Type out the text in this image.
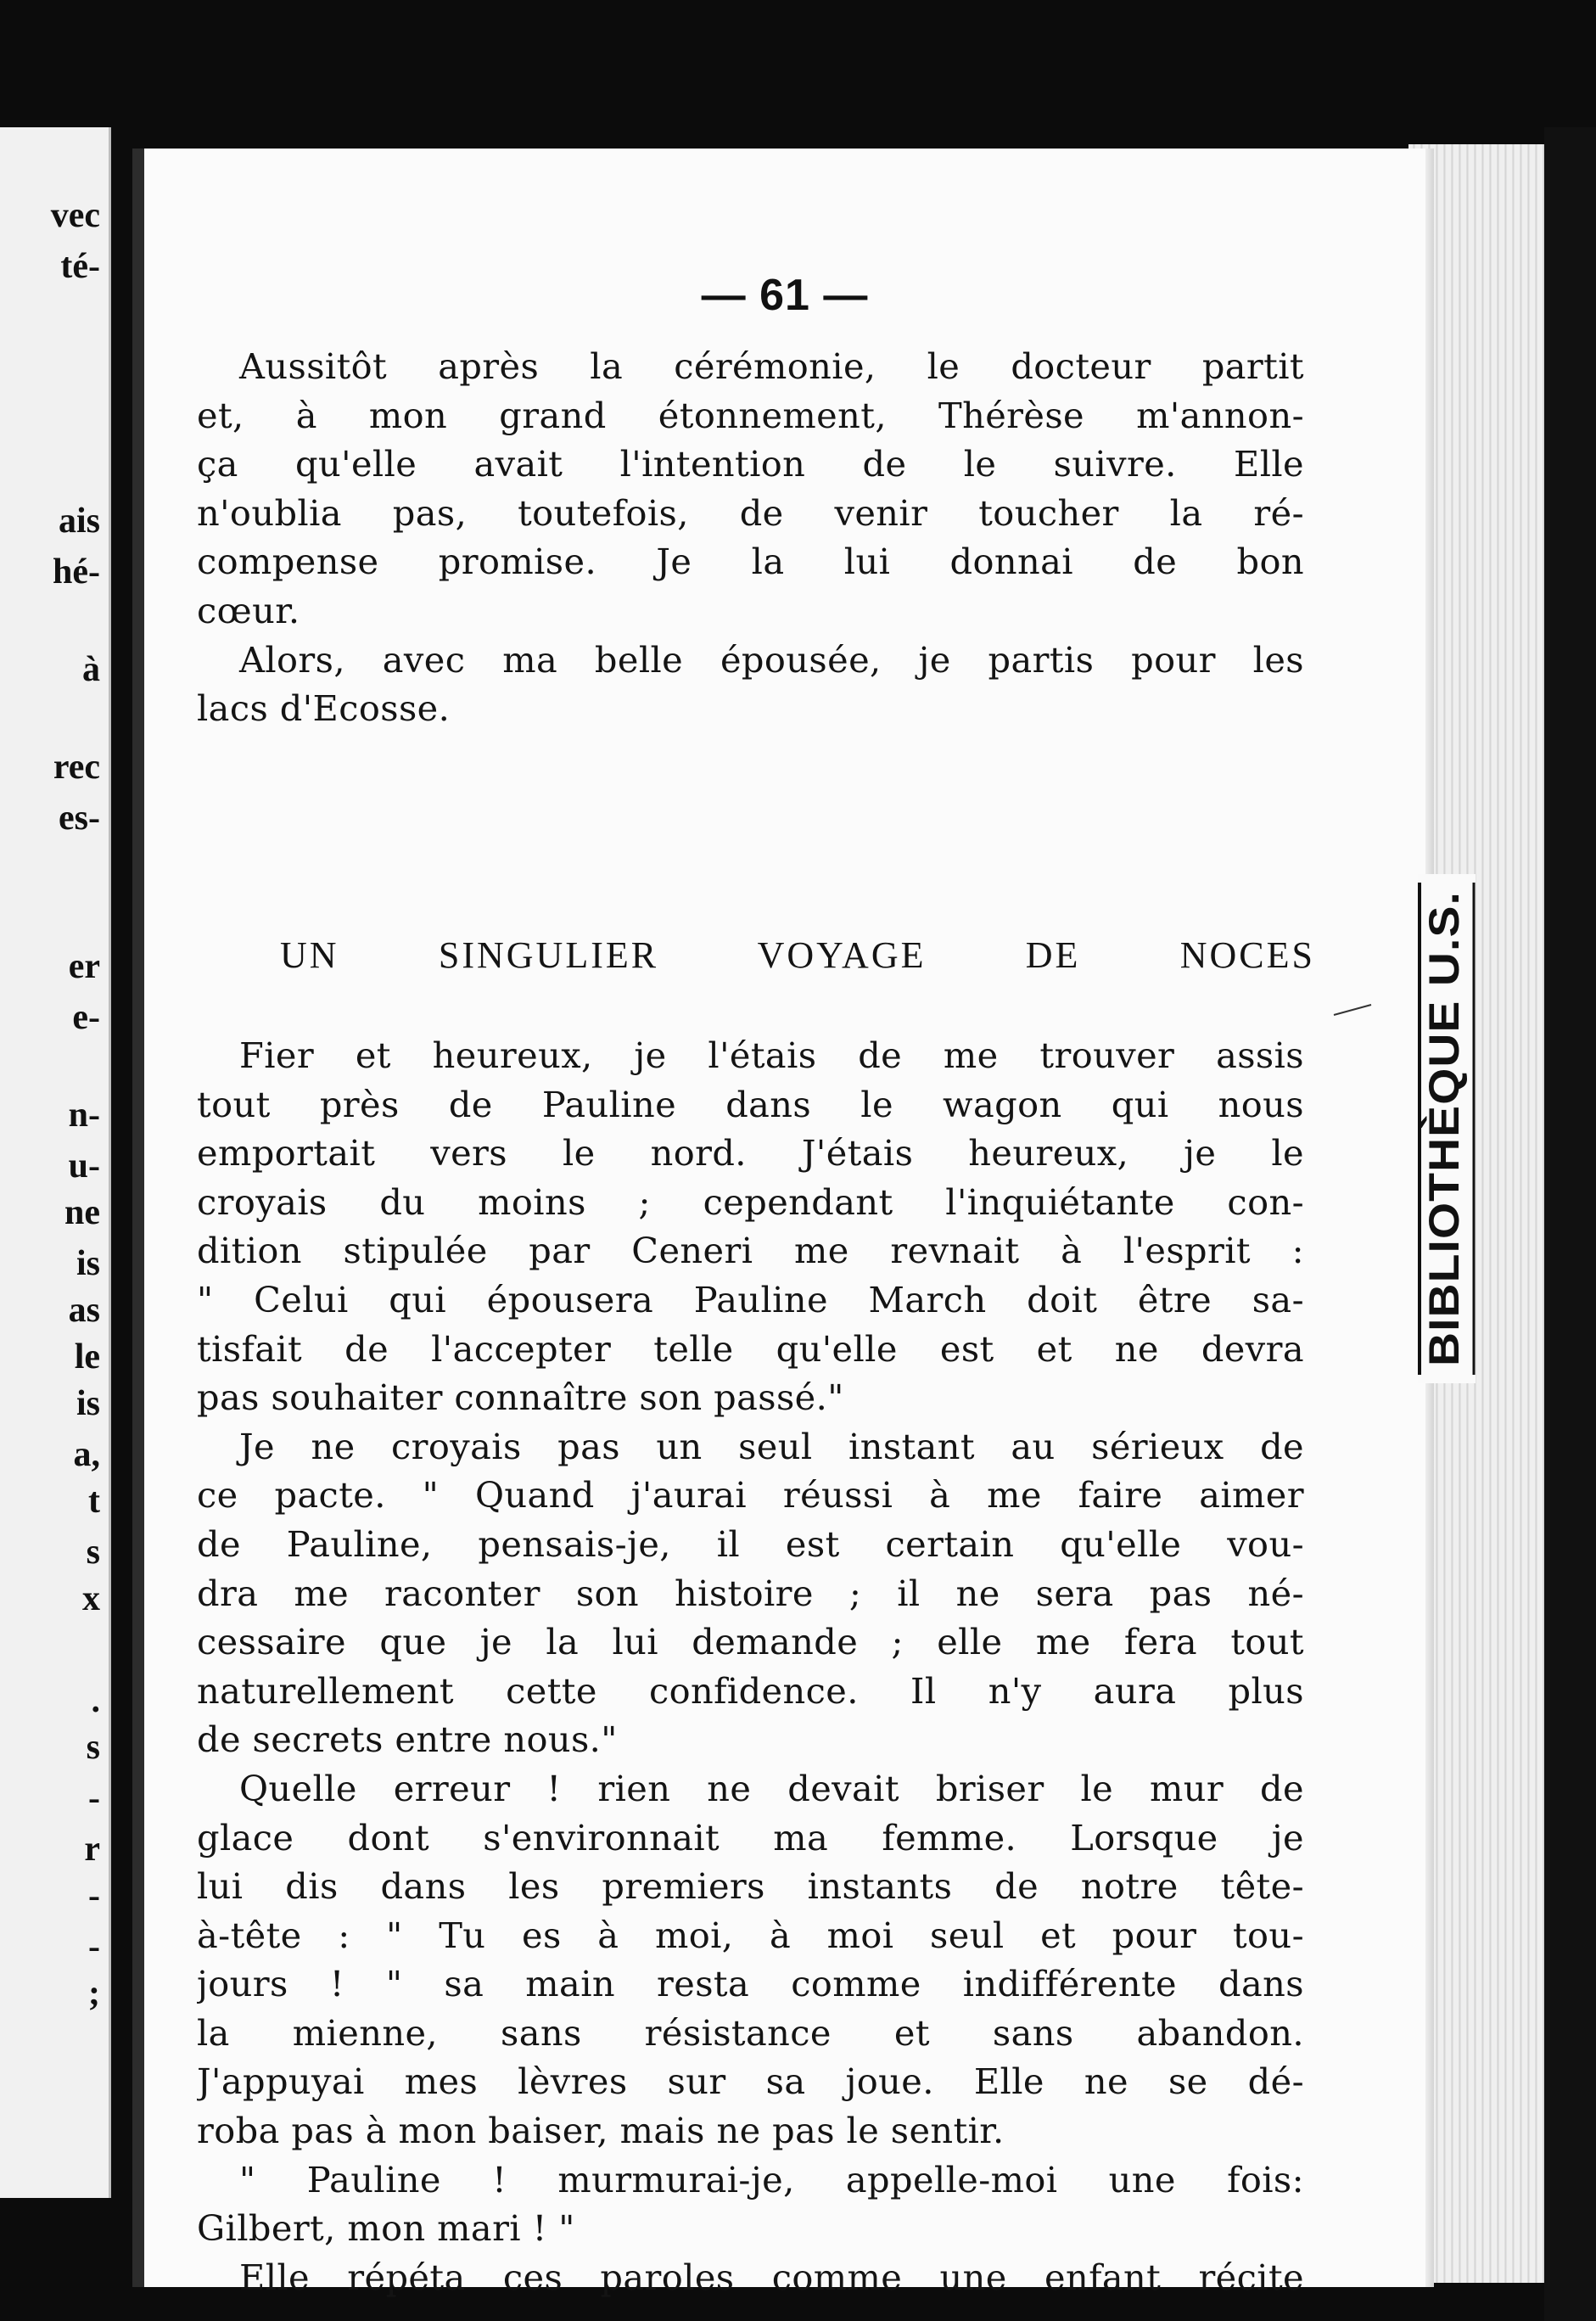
vec
té-
ais
hé-
à
rec
es-
er
e-
n-
u-
ne
is
as
le
is
a,
t
s
x
.
s
-
r
-
-
;
— 61 —
Aussitôt après la cérémonie, le docteur partit
et, à mon grand étonnement, Thérèse m'annon-
ça qu'elle avait l'intention de le suivre. Elle
n'oublia pas, toutefois, de venir toucher la ré-
compense promise. Je la lui donnai de bon
cœur.
Alors, avec ma belle épousée, je partis pour les
lacs d'Ecosse.
UN SINGULIER VOYAGE DE NOCES
Fier et heureux, je l'étais de me trouver assis
tout près de Pauline dans le wagon qui nous
emportait vers le nord. J'étais heureux, je le
croyais du moins ; cependant l'inquiétante con-
dition stipulée par Ceneri me revnait à l'esprit :
" Celui qui épousera Pauline March doit être sa-
tisfait de l'accepter telle qu'elle est et ne devra
pas souhaiter connaître son passé."
Je ne croyais pas un seul instant au sérieux de
ce pacte. " Quand j'aurai réussi à me faire aimer
de Pauline, pensais-je, il est certain qu'elle vou-
dra me raconter son histoire ; il ne sera pas né-
cessaire que je la lui demande ; elle me fera tout
naturellement cette confidence. Il n'y aura plus
de secrets entre nous."
Quelle erreur ! rien ne devait briser le mur de
glace dont s'environnait ma femme. Lorsque je
lui dis dans les premiers instants de notre tête-
à-tête : " Tu es à moi, à moi seul et pour tou-
jours ! " sa main resta comme indifférente dans
la mienne, sans résistance et sans abandon.
J'appuyai mes lèvres sur sa joue. Elle ne se dé-
roba pas à mon baiser, mais ne pas le sentir.
" Pauline ! murmurai-je, appelle-moi une fois:
Gilbert, mon mari ! "
Elle répéta ces paroles comme une enfant récite
BIBLIOTHÈQUE U.S.
